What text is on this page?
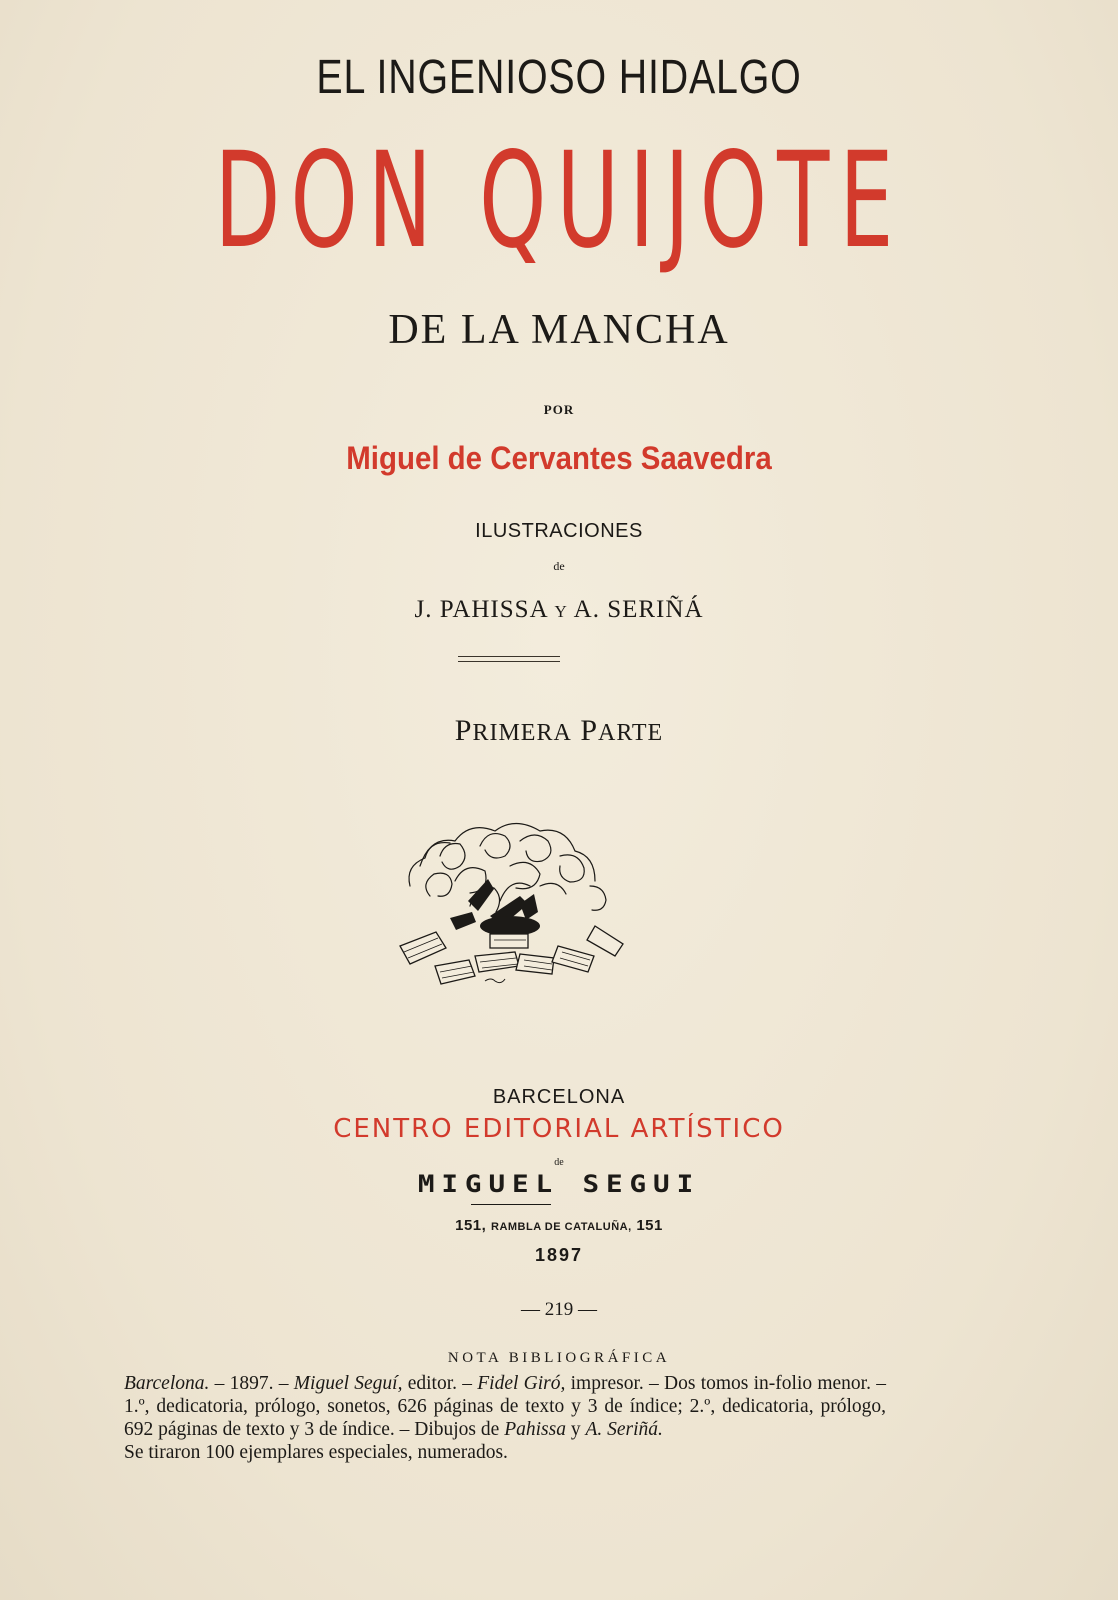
EL INGENIOSO HIDALGO
DON QUIJOTE
DE LA MANCHA
POR
Miguel de Cervantes Saavedra
ILUSTRACIONES
de
J. PAHISSA Y A. SERIÑÁ
PRIMERA PARTE
BARCELONA
CENTRO EDITORIAL ARTÍSTICO
de
MIGUEL SEGUI
151, RAMBLA DE CATALUÑA, 151
1897
— 219 —
NOTA BIBLIOGRÁFICA

Barcelona. – 1897. – Miguel Seguí, editor. – Fidel Giró, impresor. – Dos tomos in-folio menor. – 1.º, dedicatoria, prólogo, sonetos, 626 páginas de texto y 3 de índice; 2.º, dedicatoria, prólogo, 692 páginas de texto y 3 de índice. – Dibujos de Pahissa y A. Seriñá.

Se tiraron 100 ejemplares especiales, numerados.
